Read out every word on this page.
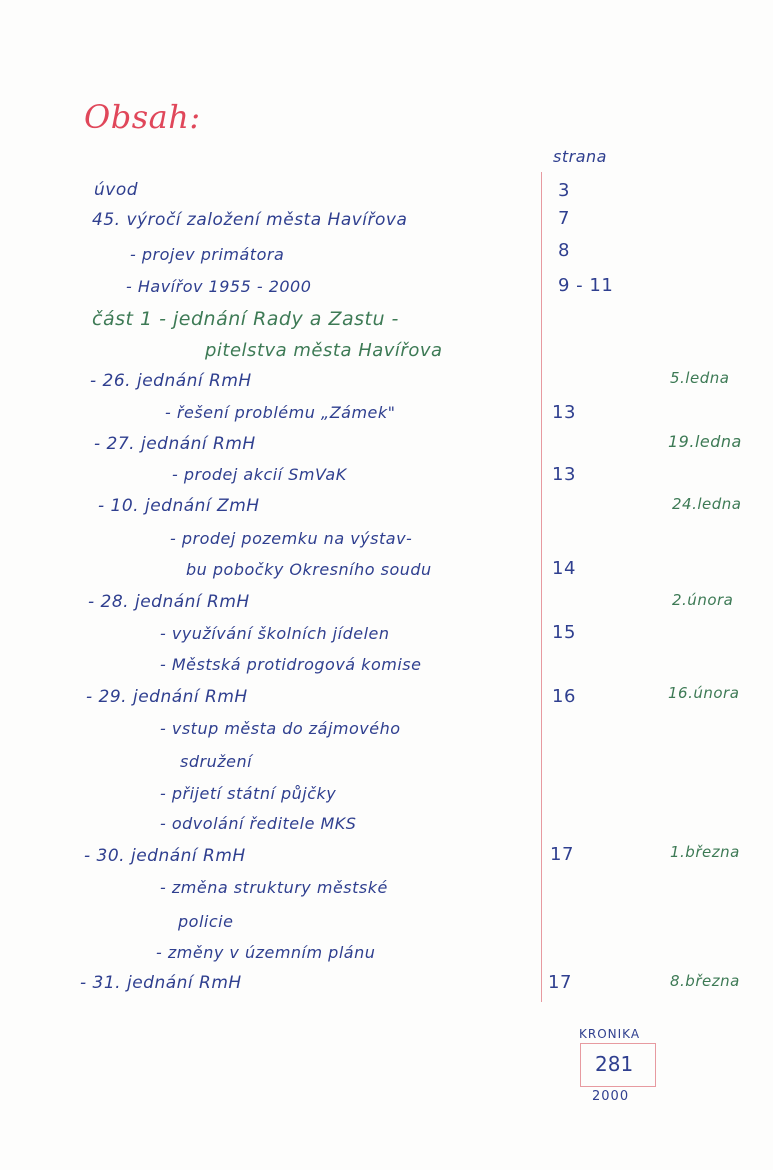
Obsah:
strana
úvod	3
45. výročí založení města Havířova	7
- projev primátora	8
- Havířov 1955 - 2000	9 - 11
část 1 - jednání Rady a Zastu -
pitelstva města Havířova
- 26. jednání RmH	5.ledna
- řešení problému „Zámek"	13
- 27. jednání RmH	19.ledna
- prodej akcií SmVaK	13
- 10. jednání ZmH	24.ledna
- prodej pozemku na výstav-
bu pobočky Okresního soudu	14
- 28. jednání RmH	2.února
- využívání školních jídelen	15
- Městská protidrogová komise
- 29. jednání RmH	16	16.února
- vstup města do zájmového
sdružení
- přijetí státní půjčky
- odvolání ředitele MKS
- 30. jednání RmH	17	1.března
- změna struktury městské
policie
- změny v územním plánu
- 31. jednání RmH	17	8.března
KRONIKA
281
2000
